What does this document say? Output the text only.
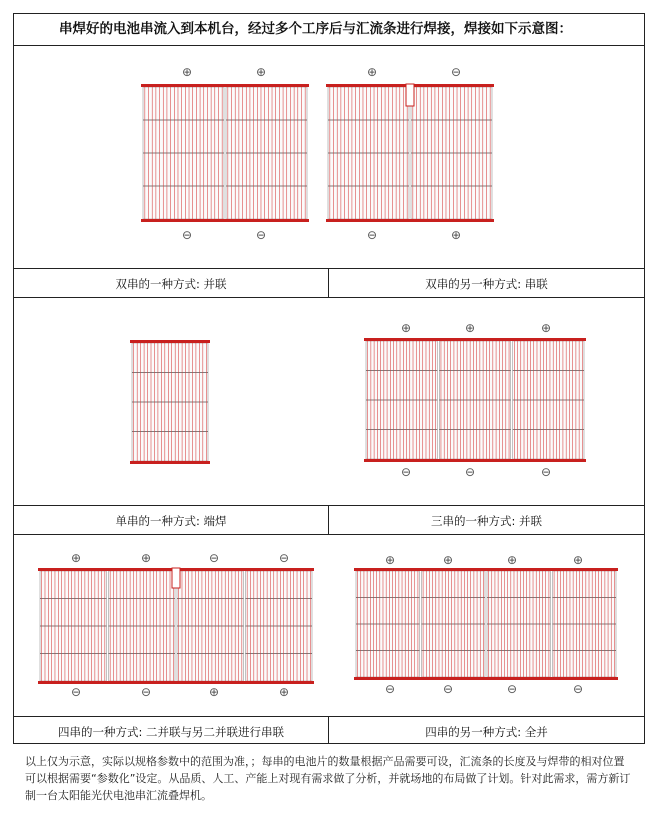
串焊好的电池串流入到本机台，经过多个工序后与汇流条进行焊接，焊接如下示意图：
双串的一种方式: 并联	双串的另一种方式: 串联
单串的一种方式: 端焊	三串的一种方式: 并联
四串的一种方式: 二并联与另二并联进行串联	四串的另一种方式: 全并
⊕	⊕
⊖	⊖
⊕	⊖
⊖	⊕
⊕	⊕	⊕
⊖	⊖	⊖
⊕	⊕	⊖	⊖
⊖	⊖	⊕	⊕
⊕	⊕	⊕	⊕
⊖	⊖	⊖	⊖
以上仅为示意，实际以规格参数中的范围为准，；每串的电池片的数量根据产品需要可设，汇流条的长度及与焊带的相对位置可以根据需要“参数化”设定。从品质、人工、产能上对现有需求做了分析，并就场地的布局做了计划。针对此需求，需方新订制一台太阳能光伏电池串汇流叠焊机。
